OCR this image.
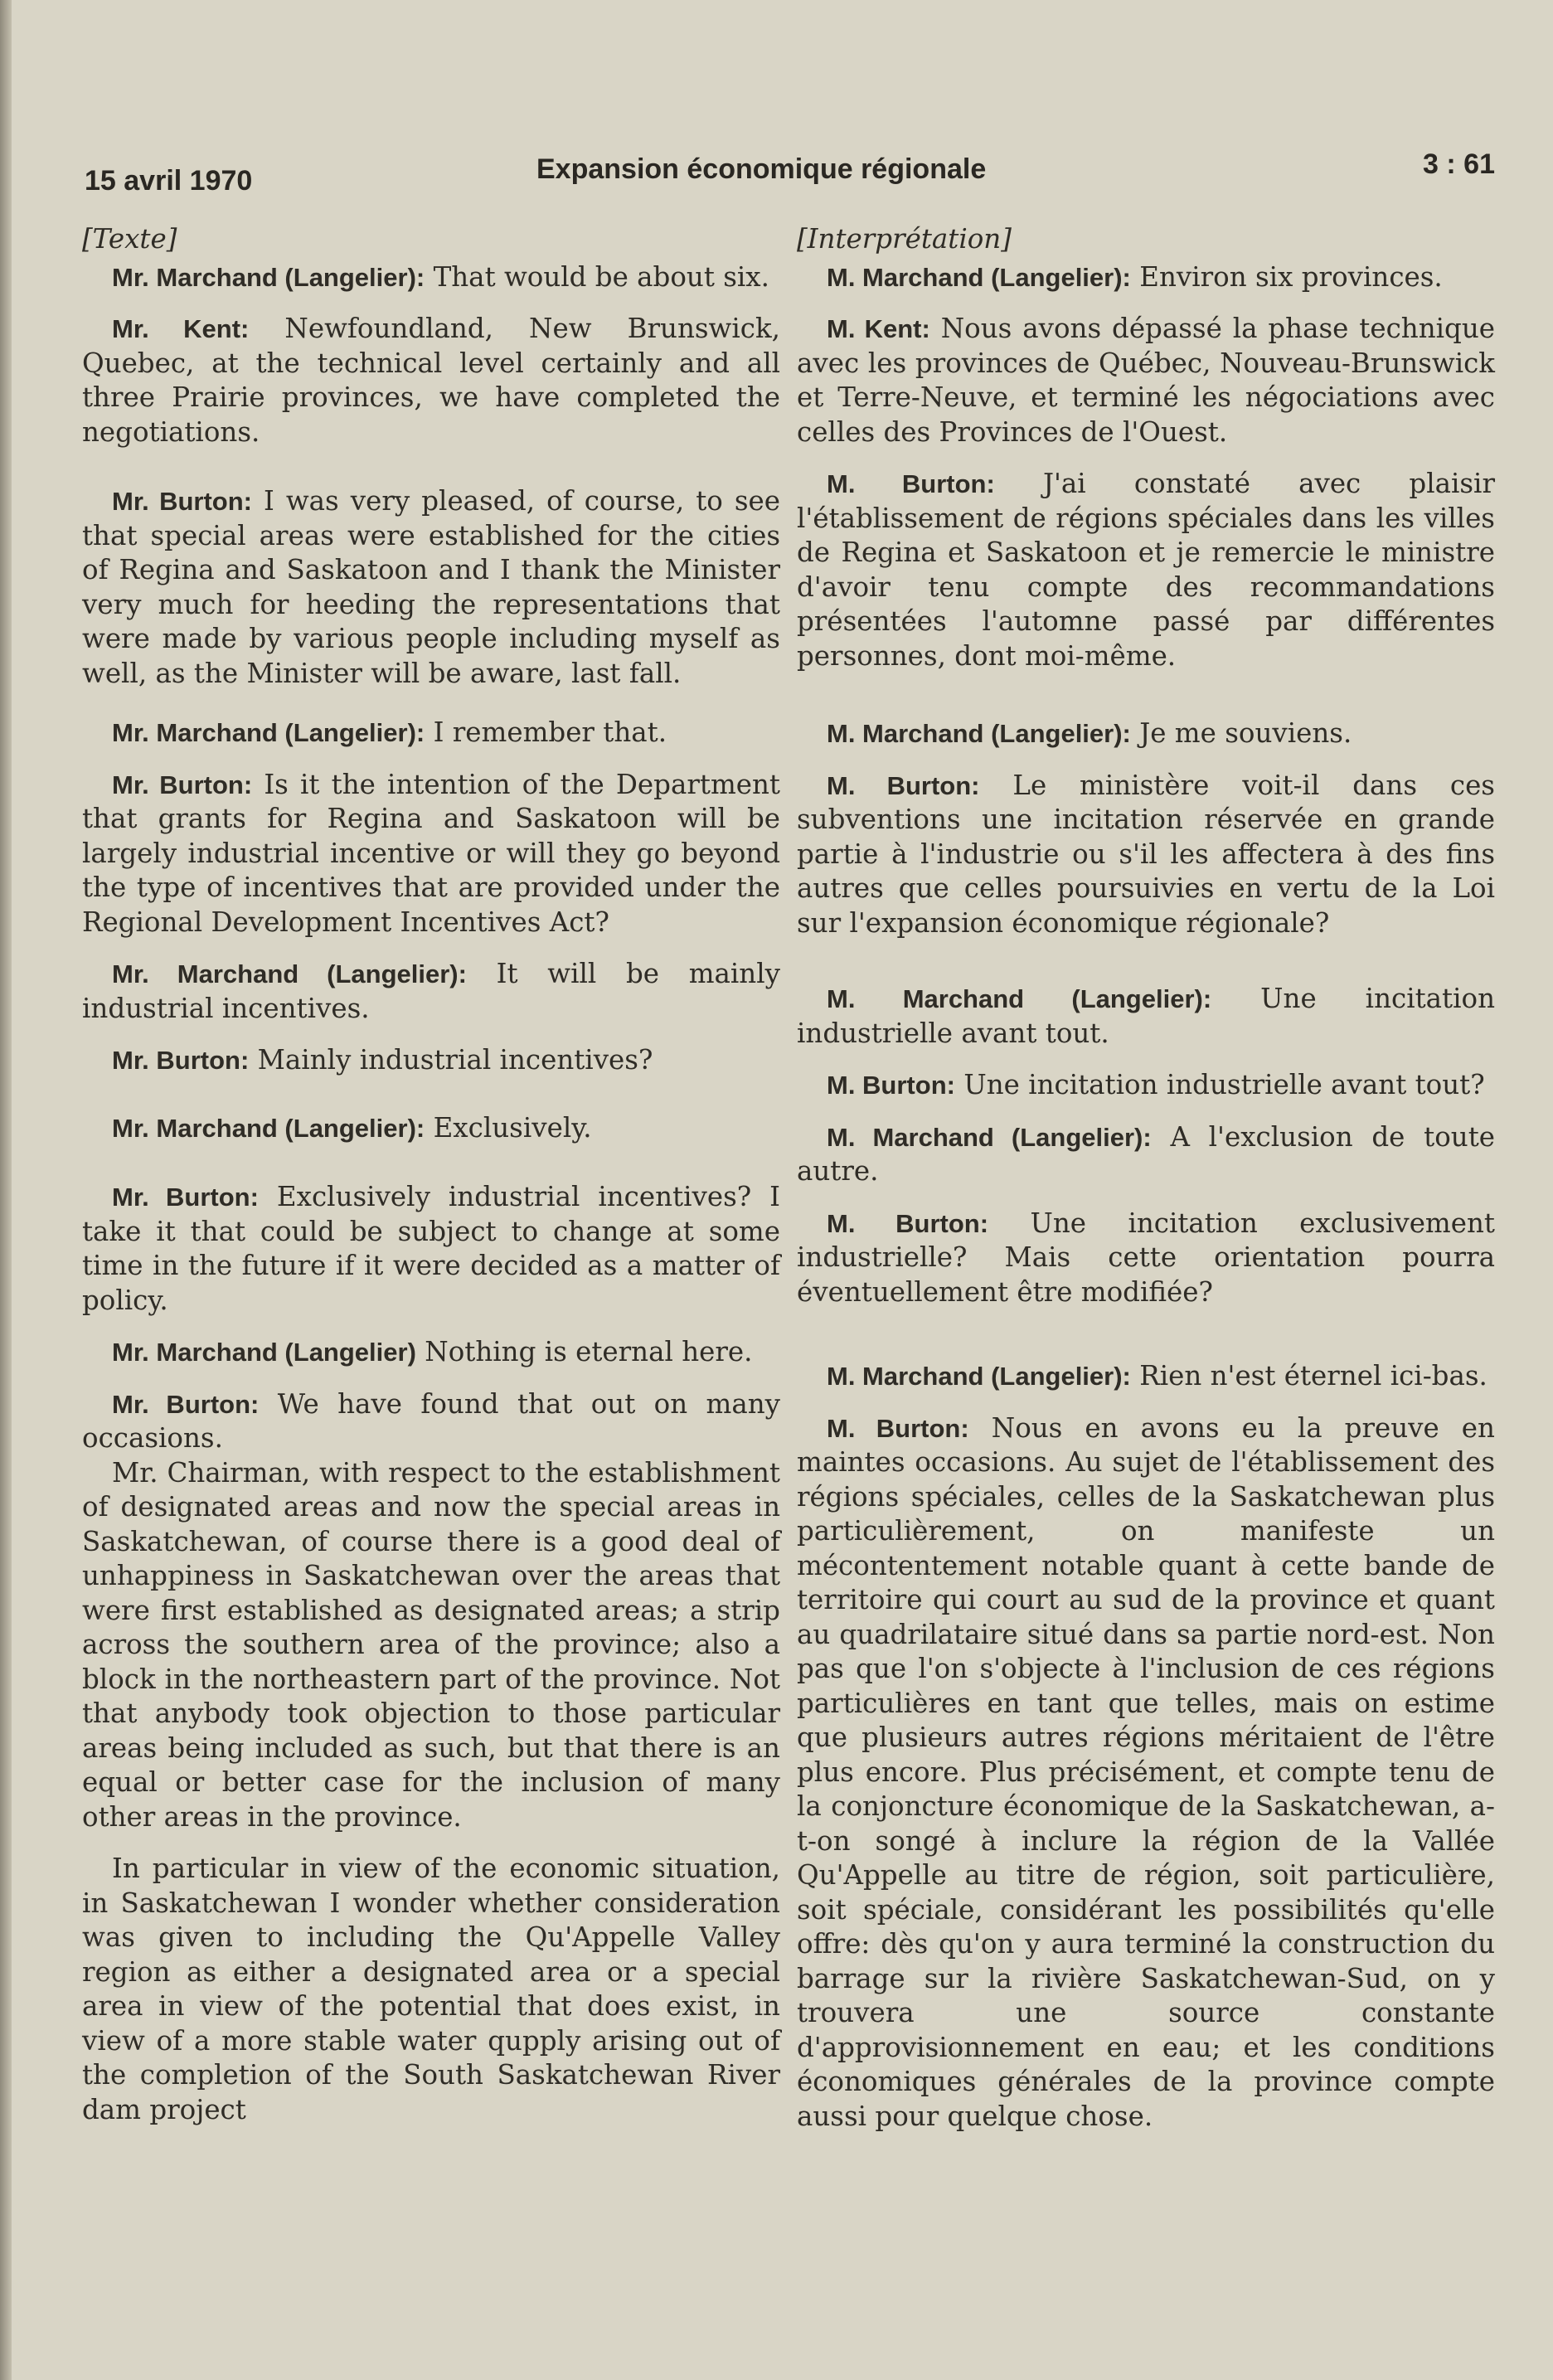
15 avril 1970	Expansion économique régionale	3 : 61
[Texte]

Mr. Marchand (Langelier): That would be about six.

Mr. Kent: Newfoundland, New Brunswick, Quebec, at the technical level certainly and all three Prairie provinces, we have completed the negotiations.

Mr. Burton: I was very pleased, of course, to see that special areas were established for the cities of Regina and Saskatoon and I thank the Minister very much for heeding the representations that were made by various people including myself as well, as the Minister will be aware, last fall.

Mr. Marchand (Langelier): I remember that.

Mr. Burton: Is it the intention of the Department that grants for Regina and Saskatoon will be largely industrial incentive or will they go beyond the type of incentives that are provided under the Regional Development Incentives Act?

Mr. Marchand (Langelier): It will be mainly industrial incentives.

Mr. Burton: Mainly industrial incentives?

Mr. Marchand (Langelier): Exclusively.

Mr. Burton: Exclusively industrial incentives? I take it that could be subject to change at some time in the future if it were decided as a matter of policy.

Mr. Marchand (Langelier) Nothing is eternal here.

Mr. Burton: We have found that out on many occasions.

Mr. Chairman, with respect to the establishment of designated areas and now the special areas in Saskatchewan, of course there is a good deal of unhappiness in Saskatchewan over the areas that were first established as designated areas; a strip across the southern area of the province; also a block in the northeastern part of the province. Not that anybody took objection to those particular areas being included as such, but that there is an equal or better case for the inclusion of many other areas in the province.

In particular in view of the economic situation, in Saskatchewan I wonder whether consideration was given to including the Qu'Appelle Valley region as either a designated area or a special area in view of the potential that does exist, in view of a more stable water qupply arising out of the completion of the South Saskatchewan River dam project

[Interprétation]

M. Marchand (Langelier): Environ six provinces.

M. Kent: Nous avons dépassé la phase technique avec les provinces de Québec, Nouveau-Brunswick et Terre-Neuve, et terminé les négociations avec celles des Provinces de l'Ouest.

M. Burton: J'ai constaté avec plaisir l'établissement de régions spéciales dans les villes de Regina et Saskatoon et je remercie le ministre d'avoir tenu compte des recommandations présentées l'automne passé par différentes personnes, dont moi-même.

M. Marchand (Langelier): Je me souviens.

M. Burton: Le ministère voit-il dans ces subventions une incitation réservée en grande partie à l'industrie ou s'il les affectera à des fins autres que celles poursuivies en vertu de la Loi sur l'expansion économique régionale?

M. Marchand (Langelier): Une incitation industrielle avant tout.

M. Burton: Une incitation industrielle avant tout?

M. Marchand (Langelier): A l'exclusion de toute autre.

M. Burton: Une incitation exclusivement industrielle? Mais cette orientation pourra éventuellement être modifiée?

M. Marchand (Langelier): Rien n'est éternel ici-bas.

M. Burton: Nous en avons eu la preuve en maintes occasions. Au sujet de l'établissement des régions spéciales, celles de la Saskatchewan plus particulièrement, on manifeste un mécontentement notable quant à cette bande de territoire qui court au sud de la province et quant au quadrilataire situé dans sa partie nord-est. Non pas que l'on s'objecte à l'inclusion de ces régions particulières en tant que telles, mais on estime que plusieurs autres régions méritaient de l'être plus encore. Plus précisément, et compte tenu de la conjoncture économique de la Saskatchewan, a-t-on songé à inclure la région de la Vallée Qu'Appelle au titre de région, soit particulière, soit spéciale, considérant les possibilités qu'elle offre: dès qu'on y aura terminé la construction du barrage sur la rivière Saskatchewan-Sud, on y trouvera une source constante d'approvisionnement en eau; et les conditions économiques générales de la province compte aussi pour quelque chose.
